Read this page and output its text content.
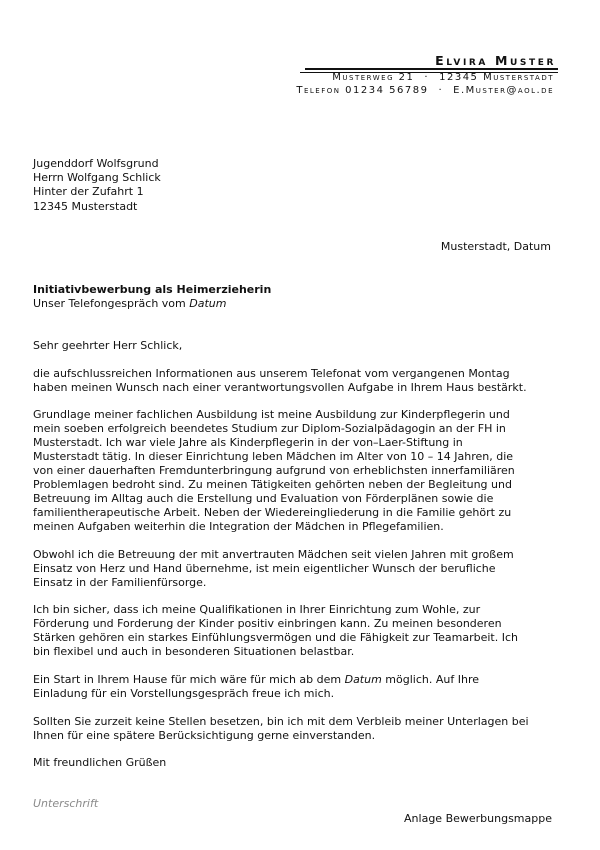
Elvira Muster
Musterweg 21 · 12345 Musterstadt
Telefon 01234 56789 · E.Muster@aol.de
Jugenddorf Wolfsgrund
Herrn Wolfgang Schlick
Hinter der Zufahrt 1
12345 Musterstadt
Musterstadt, Datum
Initiativbewerbung als Heimerzieherin
Unser Telefongespräch vom Datum

Sehr geehrter Herr Schlick,

die aufschlussreichen Informationen aus unserem Telefonat vom vergangenen Montag
haben meinen Wunsch nach einer verantwortungsvollen Aufgabe in Ihrem Haus bestärkt.

Grundlage meiner fachlichen Ausbildung ist meine Ausbildung zur Kinderpflegerin und
mein soeben erfolgreich beendetes Studium zur Diplom-Sozialpädagogin an der FH in
Musterstadt. Ich war viele Jahre als Kinderpflegerin in der von–Laer-Stiftung in
Musterstadt tätig. In dieser Einrichtung leben Mädchen im Alter von 10 – 14 Jahren, die
von einer dauerhaften Fremdunterbringung aufgrund von erheblichsten innerfamiliären
Problemlagen bedroht sind. Zu meinen Tätigkeiten gehörten neben der Begleitung und
Betreuung im Alltag auch die Erstellung und Evaluation von Förderplänen sowie die
familientherapeutische Arbeit. Neben der Wiedereingliederung in die Familie gehört zu
meinen Aufgaben weiterhin die Integration der Mädchen in Pflegefamilien.

Obwohl ich die Betreuung der mit anvertrauten Mädchen seit vielen Jahren mit großem
Einsatz von Herz und Hand übernehme, ist mein eigentlicher Wunsch der berufliche
Einsatz in der Familienfürsorge.

Ich bin sicher, dass ich meine Qualifikationen in Ihrer Einrichtung zum Wohle, zur
Förderung und Forderung der Kinder positiv einbringen kann. Zu meinen besonderen
Stärken gehören ein starkes Einfühlungsvermögen und die Fähigkeit zur Teamarbeit. Ich
bin flexibel und auch in besonderen Situationen belastbar.

Ein Start in Ihrem Hause für mich wäre für mich ab dem Datum möglich. Auf Ihre
Einladung für ein Vorstellungsgespräch freue ich mich.

Sollten Sie zurzeit keine Stellen besetzen, bin ich mit dem Verbleib meiner Unterlagen bei
Ihnen für eine spätere Berücksichtigung gerne einverstanden.

Mit freundlichen Grüßen

Unterschrift
Anlage Bewerbungsmappe
